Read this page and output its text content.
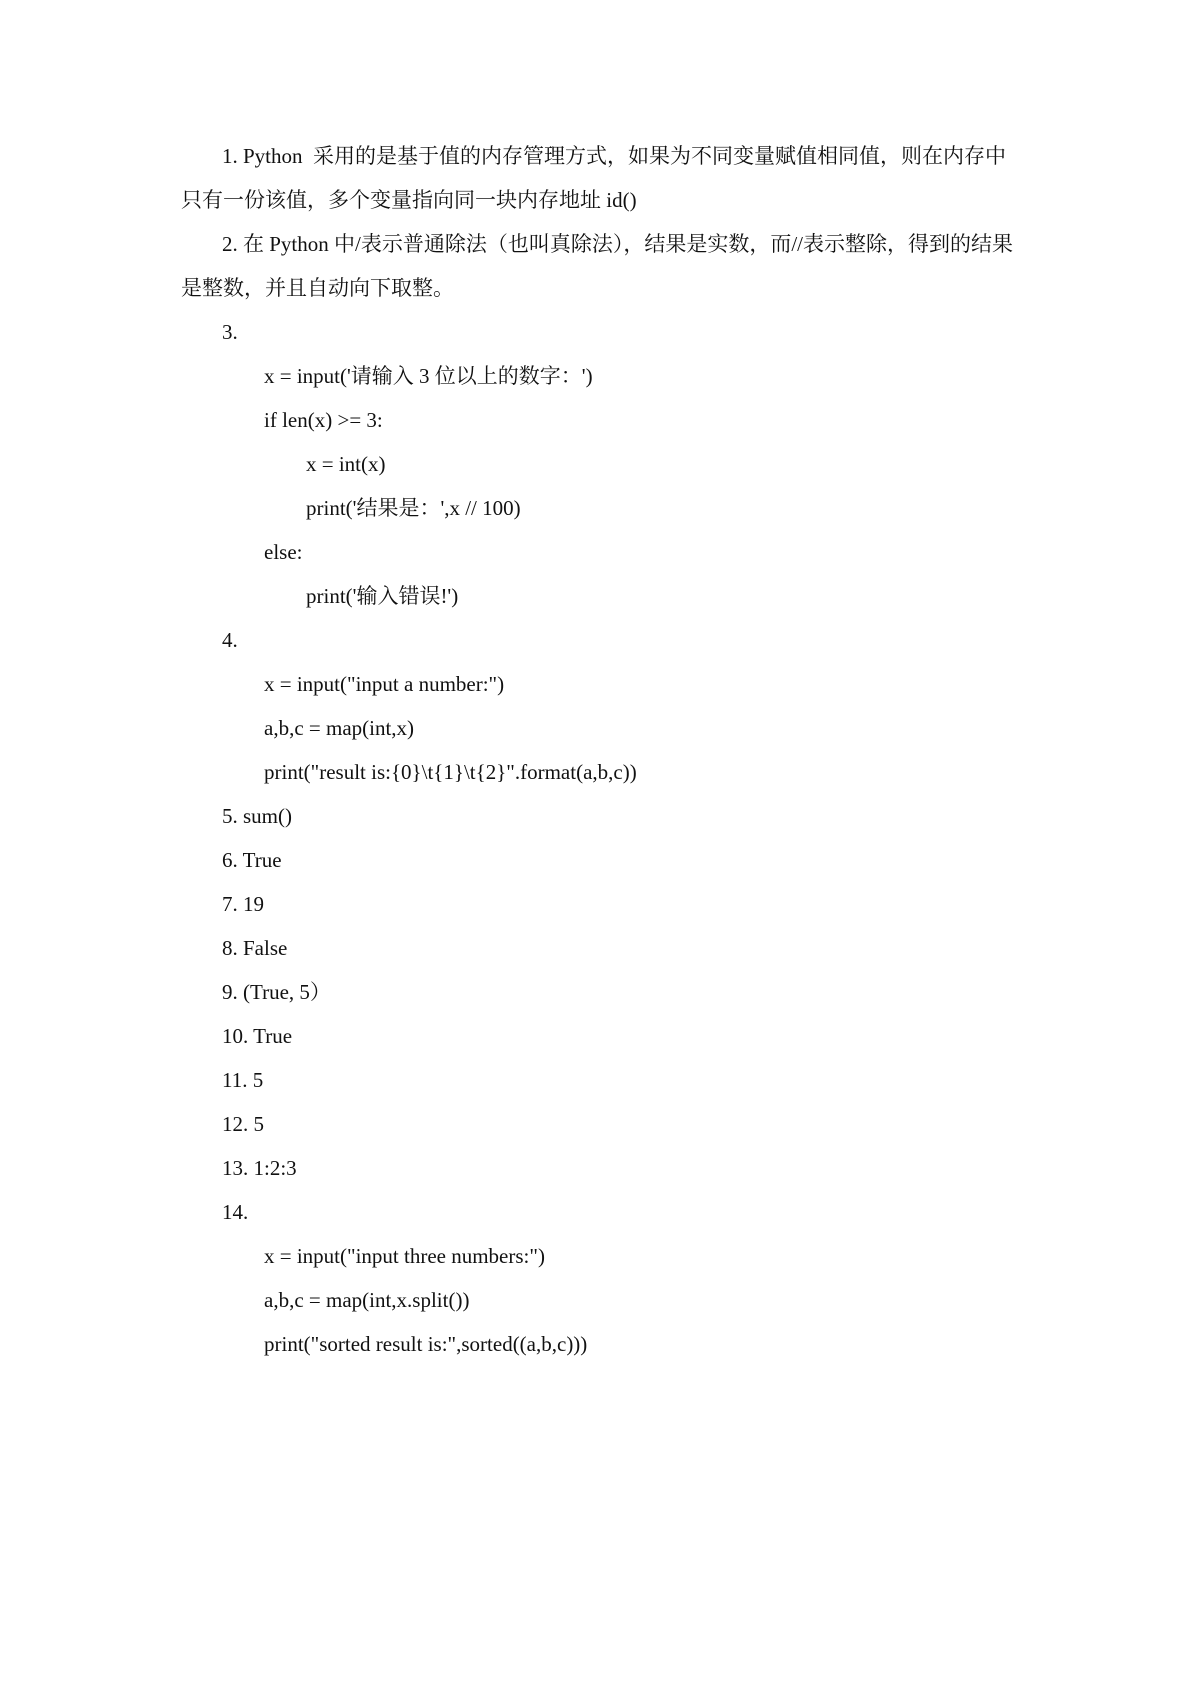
1. Python  采用的是基于值的内存管理方式，如果为不同变量赋值相同值，则在内存中

只有一份该值，多个变量指向同一块内存地址 id()

2. 在 Python 中/表示普通除法（也叫真除法），结果是实数，而//表示整除，得到的结果

是整数，并且自动向下取整。

3.

x = input('请输入 3 位以上的数字：')

if len(x) >= 3:

x = int(x)

print('结果是：',x // 100)

else:

print('输入错误!')

4.

x = input("input a number:")

a,b,c = map(int,x)

print("result is:{0}\t{1}\t{2}".format(a,b,c))

5. sum()

6. True

7. 19

8. False

9. (True, 5）

10. True

11. 5

12. 5

13. 1:2:3

14.

x = input("input three numbers:")

a,b,c = map(int,x.split())

print("sorted result is:",sorted((a,b,c)))
